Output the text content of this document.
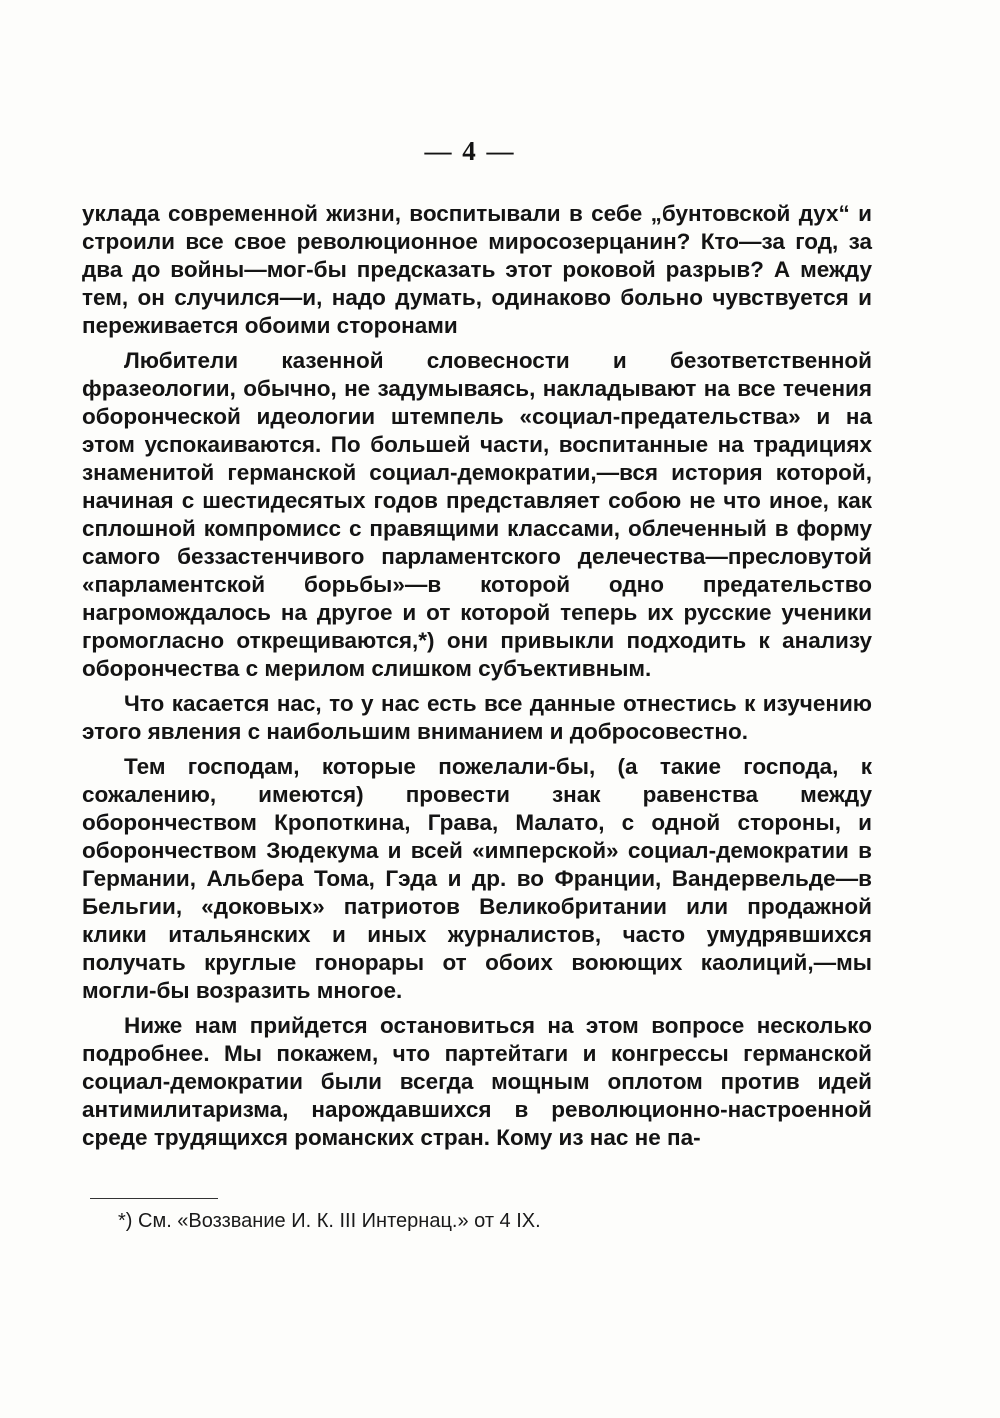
— 4 —

уклада современной жизни, воспитывали в себе „бунтовской дух“ и строили все свое революционное миросозерцанин? Кто—за год, за два до войны—мог-бы предсказать этот роковой разрыв? А между тем, он случился—и, надо думать, одинаково больно чувствуется и переживается обоими сторонами

Любители казенной словесности и безответственной фразеологии, обычно, не задумываясь, накладывают на все течения оборонческой идеологии штемпель «социал-предательства» и на этом успокаиваются. По большей части, воспитанные на традициях знаменитой германской социал-демократии,—вся история которой, начиная с шестидесятых годов представляет собою не что иное, как сплошной компромисс с правящими классами, облеченный в форму самого беззастенчивого парламентского делечества—пресловутой «парламентской борьбы»—в которой одно предательство нагромождалось на другое и от которой теперь их русские ученики громогласно открещиваются,*) они привыкли подходить к анализу оборончества с мерилом слишком субъективным.

Что касается нас, то у нас есть все данные отнестись к изучению этого явления с наибольшим вниманием и добросовестно.

Тем господам, которые пожелали-бы, (а такие господа, к сожалению, имеются) провести знак равенства между оборончеством Кропоткина, Грава, Малато, с одной стороны, и оборончеством Зюдекума и всей «имперской» социал-демократии в Германии, Альбера Тома, Гэда и др. во Франции, Вандервельде—в Бельгии, «доковых» патриотов Великобритании или продажной клики итальянских и иных журналистов, часто умудрявшихся получать круглые гонорары от обоих воюющих каолиций,—мы могли-бы возразить многое.

Ниже нам прийдется остановиться на этом вопросе несколько подробнее. Мы покажем, что партейтаги и конгрессы германской социал-демократии были всегда мощным оплотом против идей антимилитаризма, нарождавшихся в революционно-настроенной среде трудящихся романских стран. Кому из нас не па-

*) См. «Воззвание И. К. III Интернац.» от 4 IX.
